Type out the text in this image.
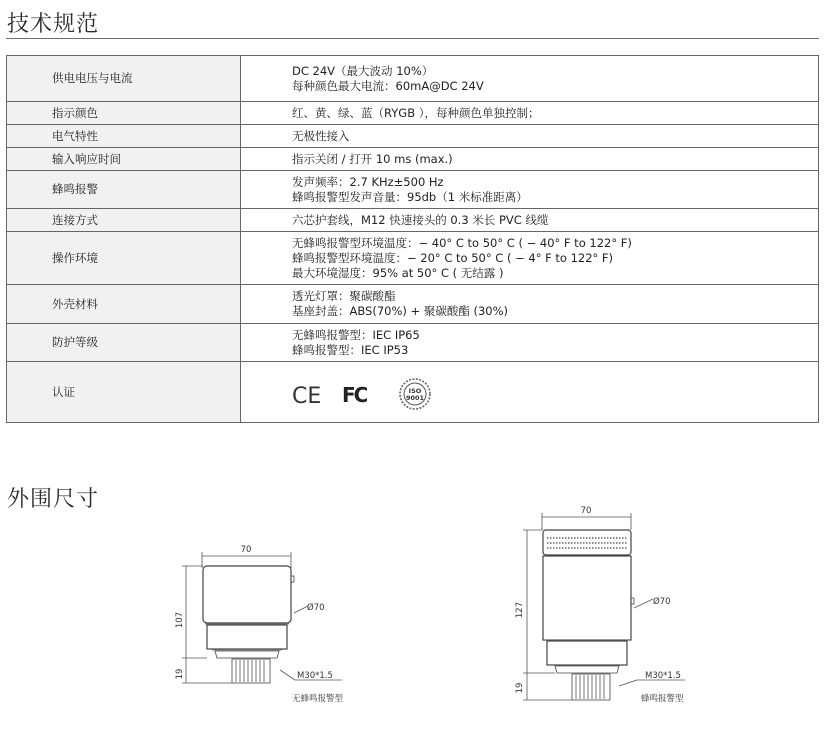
技术规范
供电电压与电流	DC 24V（最大波动 10%）
每种颜色最大电流：60mA@DC 24V

指示颜色	红、黄、绿、蓝（RYGB ），每种颜色单独控制；

电气特性	无极性接入

输入响应时间	指示关闭 / 打开 10 ms (max.)

蜂鸣报警	发声频率：2.7 KHz±500 Hz
蜂鸣报警型发声音量：95db（1 米标准距离）

连接方式	六芯护套线，M12 快速接头的 0.3 米长 PVC 线缆

操作环境	无蜂鸣报警型环境温度：− 40° C to 50° C ( − 40° F to 122° F)
蜂鸣报警型环境温度：− 20° C to 50° C ( − 4° F to 122° F)
最大环境湿度：95% at 50° C ( 无结露 )

外壳材料	透光灯罩：聚碳酸酯
基座封盖：ABS(70%) + 聚碳酸酯 (30%)

防护等级	无蜂鸣报警型：IEC IP65
蜂鸣报警型：IEC IP53

认证	CE FC ISO
9001
外围尺寸
70
107
19
Ø70
M30*1.5
无蜂鸣报警型
70
127
19
Ø70
M30*1.5
蜂鸣报警型
